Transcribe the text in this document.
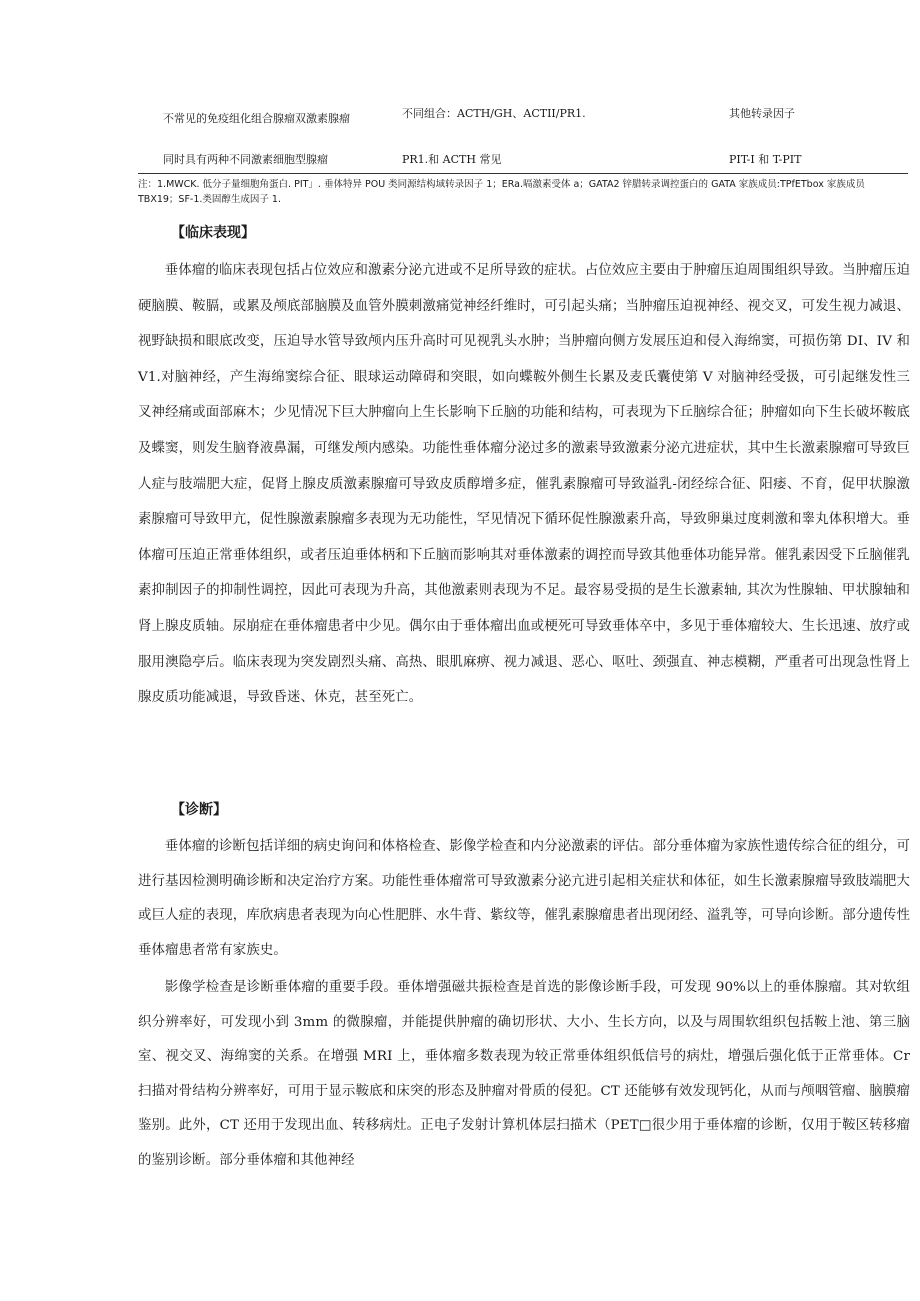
不常见的免疫组化组合腺瘤双激素腺瘤	不同组合：ACTH/GH、ACTII/PR1.	其他转录因子
同时具有两种不同激素细胞型腺瘤	PR1.和 ACTH 常见	PIT-I 和 T-PIT
注：1.MWCK. 低分子量细胞角蛋白. PIT」. 垂体特异 POU 类同源结构域转录因子 1；ERa.嗝激素受体 a；GATA2 锌腊转录调控蛋白的 GATA 家族成员:TPfETbox 家族成员 TBX19；SF-1.类固醇生成因子 1.
【临床表现】
垂体瘤的临床表现包括占位效应和激素分泌亢进或不足所导致的症状。占位效应主要由于肿瘤压迫周围组织导致。当肿瘤压迫硬脑膜、鞍膈，或累及颅底部脑膜及血管外膜刺激痛觉神经纤维时，可引起头痛；当肿瘤压迫视神经、视交叉，可发生视力减退、视野缺损和眼底改变，压迫导水管导致颅内压升高时可见视乳头水肿；当肿瘤向侧方发展压迫和侵入海绵窦，可损伤第 DI、IV 和 V1.对脑神经，产生海绵窦综合征、眼球运动障碍和突眼，如向蝶鞍外侧生长累及麦氏囊使第 V 对脑神经受扱，可引起继发性三叉神经痛或面部麻木；少见情况下巨大肿瘤向上生长影响下丘脑的功能和结构，可表现为下丘脑综合征；肿瘤如向下生长破坏鞍底及蝶窦，则发生脑脊液鼻漏，可继发颅内感染。功能性垂体瘤分泌过多的激素导致激素分泌亢进症状，其中生长激素腺瘤可导致巨人症与肢端肥大症，促肾上腺皮质激素腺瘤可导致皮质醇增多症，催乳素腺瘤可导致溢乳-闭经综合征、阳痿、不育，促甲状腺激素腺瘤可导致甲亢，促性腺激素腺瘤多表现为无功能性，罕见情况下循环促性腺激素升高，导致卵巢过度刺激和睾丸体积增大。垂体瘤可压迫正常垂体组织，或者压迫垂体柄和下丘脑而影响其对垂体激素的调控而导致其他垂体功能异常。催乳素因受下丘脑催乳素抑制因子的抑制性调控，因此可表现为升高，其他激素则表现为不足。最容易受损的是生长激素轴, 其次为性腺轴、甲状腺轴和肾上腺皮质轴。尿崩症在垂体瘤患者中少见。偶尔由于垂体瘤出血或梗死可导致垂体卒中，多见于垂体瘤较大、生长迅速、放疗或服用澳隐亭后。临床表现为突发剧烈头痛、高热、眼肌麻痹、视力减退、恶心、呕吐、颈强直、神志模糊，严重者可出现急性肾上腺皮质功能减退，导致昏迷、休克，甚至死亡。
【诊断】
垂体瘤的诊断包括详细的病史询问和体格检查、影像学检查和内分泌激素的评估。部分垂体瘤为家族性遗传综合征的组分，可进行基因检测明确诊断和决定治疗方案。功能性垂体瘤常可导致激素分泌亢进引起相关症状和体征，如生长激素腺瘤导致肢端肥大或巨人症的表现，库欣病患者表现为向心性肥胖、水牛背、紫纹等，催乳素腺瘤患者出现闭经、溢乳等，可导向诊断。部分遗传性垂体瘤患者常有家族史。
影像学检查是诊断垂体瘤的重要手段。垂体增强磁共振检查是首选的影像诊断手段，可发现 90%以上的垂体腺瘤。其对软组织分辨率好，可发现小到 3mm 的微腺瘤，并能提供肿瘤的确切形状、大小、生长方向，以及与周围软组织包括鞍上池、第三脑室、视交叉、海绵窦的关系。在增强 MRI 上，垂体瘤多数表现为较正常垂体组织低信号的病灶，增强后强化低于正常垂体。Cr 扫描对骨结构分辨率好，可用于显示鞍底和床突的形态及肿瘤对骨质的侵犯。CT 还能够有效发现钙化，从而与颅咽管瘤、脑膜瘤鉴别。此外，CT 还用于发现出血、转移病灶。正电子发射计算机体层扫描术（PET□很少用于垂体瘤的诊断，仅用于鞍区转移瘤的鉴别诊断。部分垂体瘤和其他神经
